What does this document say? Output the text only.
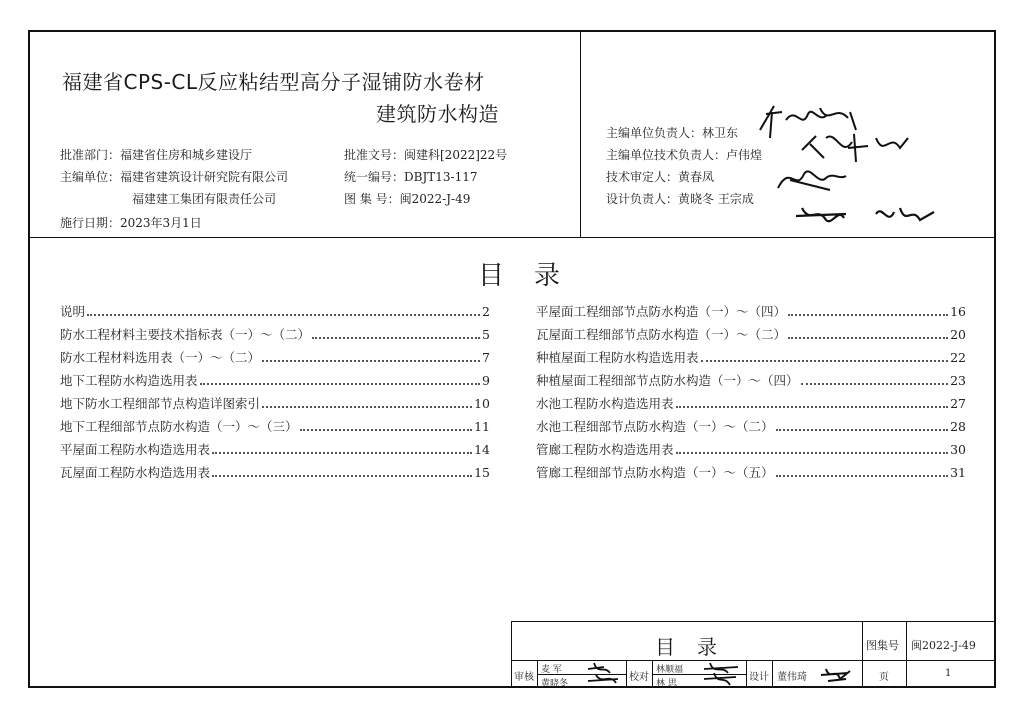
福建省CPS-CL反应粘结型高分子湿铺防水卷材
建筑防水构造
批准部门：福建省住房和城乡建设厅
主编单位：福建省建筑设计研究院有限公司
福建建工集团有限责任公司
施行日期：2023年3月1日
批准文号：闽建科[2022]22号
统一编号：DBJT13-117
图 集 号：闽2022-J-49
主编单位负责人：林卫东
主编单位技术负责人：卢伟煌
技术审定人：黄春凤
设计负责人：黄晓冬 王宗成
目录
说明	2
防水工程材料主要技术指标表（一）～（二）	5
防水工程材料选用表（一）～（二）	7
地下工程防水构造选用表	9
地下防水工程细部节点构造详图索引	10
地下工程细部节点防水构造（一）～（三）	11
平屋面工程防水构造选用表	14
瓦屋面工程防水构造选用表	15
平屋面工程细部节点防水构造（一）～（四）	16
瓦屋面工程细部节点防水构造（一）～（二）	20
种植屋面工程防水构造选用表	22
种植屋面工程细部节点防水构造（一）～（四）	23
水池工程防水构造选用表	27
水池工程细部节点防水构造（一）～（二）	28
管廊工程防水构造选用表	30
管廊工程细部节点防水构造（一）～（五）	31
目录	图集号 闽2022-J-49
页	1
审核
麦 军
黄晓冬
校对
林顺福
林 思
设计 董伟琦
